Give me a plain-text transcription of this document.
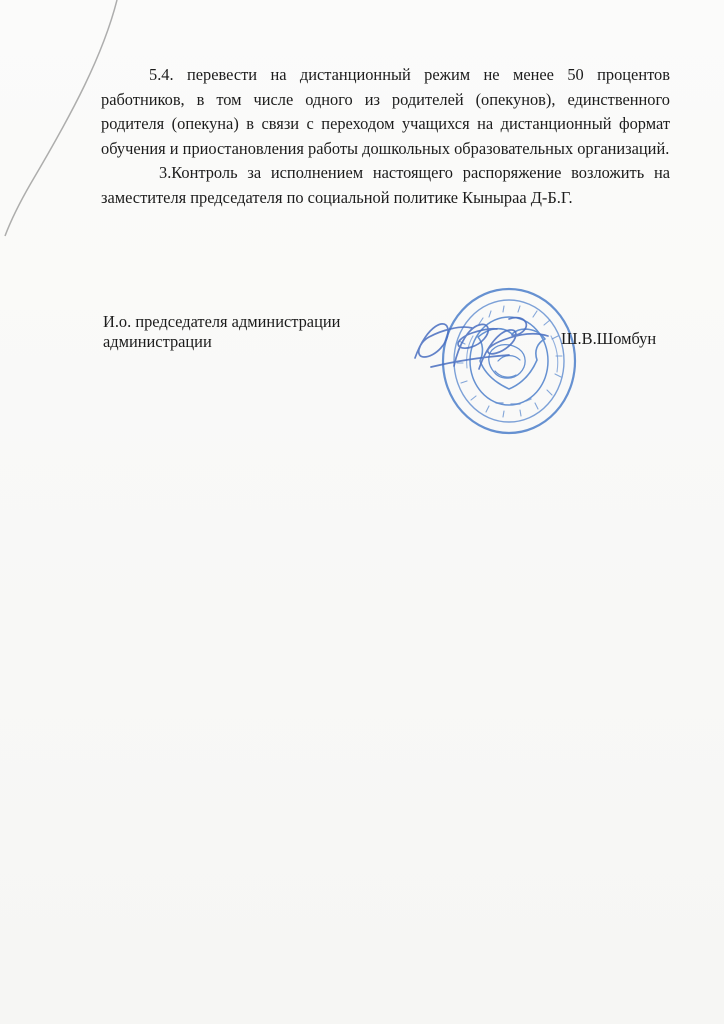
5.4. перевести на дистанционный режим не менее 50 процентов работников, в том числе одного из родителей (опекунов), единственного родителя (опекуна) в связи с переходом учащихся на дистанционный формат обучения и приостановления работы дошкольных образовательных организаций.

3.Контроль за исполнением настоящего распоряжение возложить на заместителя председателя по социальной политике Кыныраа Д-Б.Г.

И.о. председателя администрации
администрации	Ш.В.Шомбун
